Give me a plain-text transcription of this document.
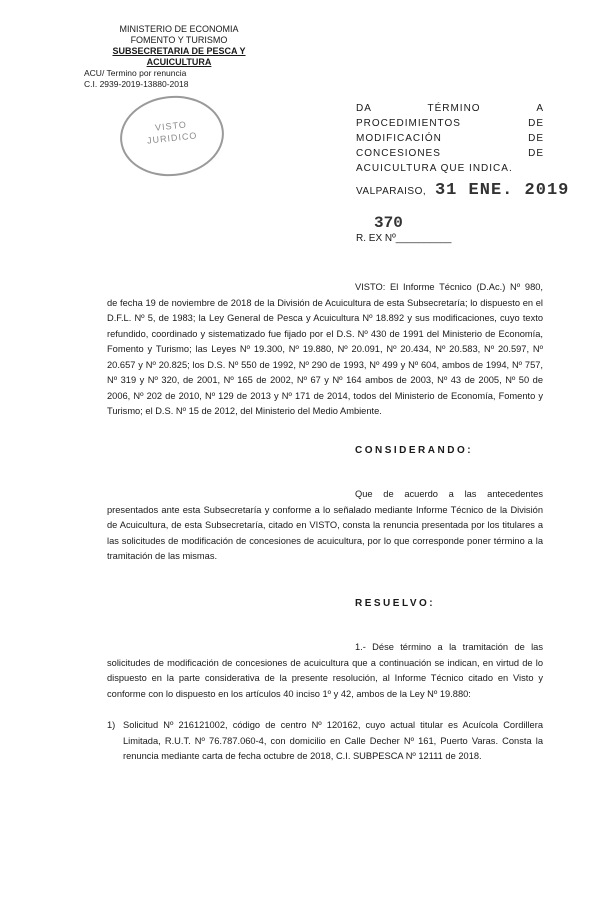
MINISTERIO DE ECONOMIA
FOMENTO Y TURISMO
SUBSECRETARIA DE PESCA Y ACUICULTURA
ACU/ Termino por renuncia
C.I. 2939-2019-13880-2018
VISTO
JURIDICO
DA TÉRMINO A PROCEDIMIENTOS DE MODIFICACIÓN DE CONCESIONES DE ACUICULTURA QUE INDICA.
VALPARAISO, 31 ENE. 2019
370
R. EX Nº__________
VISTO: El Informe Técnico (D.Ac.) Nº 980, de fecha 19 de noviembre de 2018 de la División de Acuicultura de esta Subsecretaría; lo dispuesto en el D.F.L. Nº 5, de 1983; la Ley General de Pesca y Acuicultura Nº 18.892 y sus modificaciones, cuyo texto refundido, coordinado y sistematizado fue fijado por el D.S. Nº 430 de 1991 del Ministerio de Economía, Fomento y Turismo; las Leyes Nº 19.300, Nº 19.880, Nº 20.091, Nº 20.434, Nº 20.583, Nº 20.597, Nº 20.657 y Nº 20.825; los D.S. Nº 550 de 1992, Nº 290 de 1993, Nº 499 y Nº 604, ambos de 1994, Nº 757, Nº 319 y Nº 320, de 2001, Nº 165 de 2002, Nº 67 y Nº 164 ambos de 2003, Nº 43 de 2005, Nº 50 de 2006, Nº 202 de 2010, Nº 129 de 2013 y Nº 171 de 2014, todos del Ministerio de Economía, Fomento y Turismo; el D.S. Nº 15 de 2012, del Ministerio del Medio Ambiente.
CONSIDERANDO:
Que de acuerdo a las antecedentes presentados ante esta Subsecretaría y conforme a lo señalado mediante Informe Técnico de la División de Acuicultura, de esta Subsecretaría, citado en VISTO, consta la renuncia presentada por los titulares a las solicitudes de modificación de concesiones de acuicultura, por lo que corresponde poner término a la tramitación de las mismas.
RESUELVO:
1.- Dése término a la tramitación de las solicitudes de modificación de concesiones de acuicultura que a continuación se indican, en virtud de lo dispuesto en la parte considerativa de la presente resolución, al Informe Técnico citado en Visto y conforme con lo dispuesto en los artículos 40 inciso 1º y 42, ambos de la Ley Nº 19.880:
1) Solicitud Nº 216121002, código de centro Nº 120162, cuyo actual titular es Acuícola Cordillera Limitada, R.U.T. Nº 76.787.060-4, con domicilio en Calle Decher Nº 161, Puerto Varas. Consta la renuncia mediante carta de fecha octubre de 2018, C.I. SUBPESCA Nº 12111 de 2018.
